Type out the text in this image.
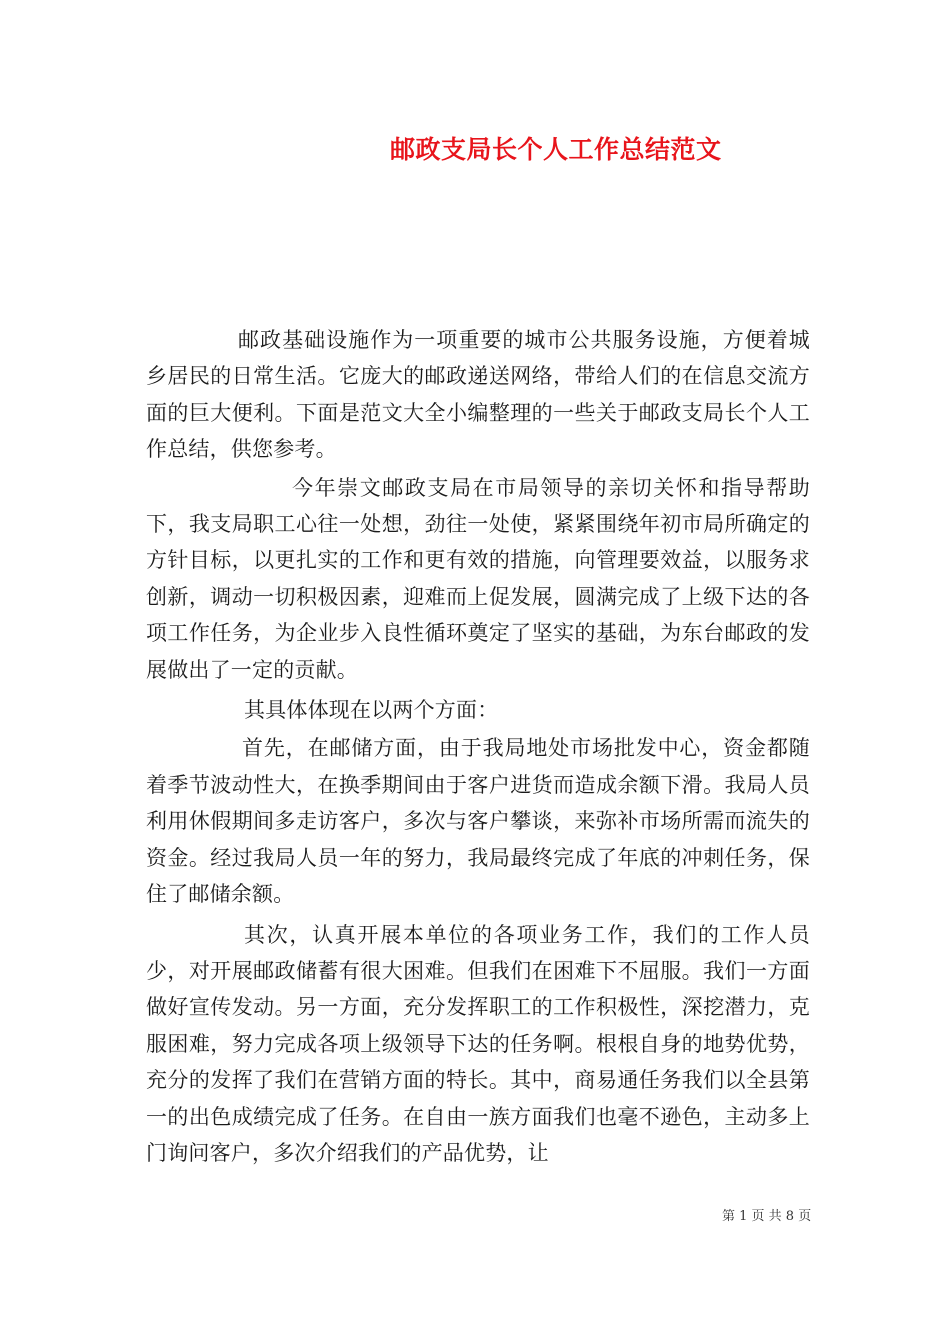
邮政支局长个人工作总结范文

邮政基础设施作为一项重要的城市公共服务设施，方便着城乡居民的日常生活。它庞大的邮政递送网络，带给人们的在信息交流方面的巨大便利。下面是范文大全小编整理的一些关于邮政支局长个人工作总结，供您参考。

今年崇文邮政支局在市局领导的亲切关怀和指导帮助下，我支局职工心往一处想，劲往一处使，紧紧围绕年初市局所确定的方针目标，以更扎实的工作和更有效的措施，向管理要效益，以服务求创新，调动一切积极因素，迎难而上促发展，圆满完成了上级下达的各项工作任务，为企业步入良性循环奠定了坚实的基础，为东台邮政的发展做出了一定的贡献。

其具体体现在以两个方面：

首先，在邮储方面，由于我局地处市场批发中心，资金都随着季节波动性大，在换季期间由于客户进货而造成余额下滑。我局人员利用休假期间多走访客户，多次与客户攀谈，来弥补市场所需而流失的资金。经过我局人员一年的努力，我局最终完成了年底的冲刺任务，保住了邮储余额。

其次，认真开展本单位的各项业务工作，我们的工作人员少，对开展邮政储蓄有很大困难。但我们在困难下不屈服。我们一方面做好宣传发动。另一方面，充分发挥职工的工作积极性，深挖潜力，克服困难，努力完成各项上级领导下达的任务啊。根根自身的地势优势，充分的发挥了我们在营销方面的特长。其中，商易通任务我们以全县第一的出色成绩完成了任务。在自由一族方面我们也毫不逊色，主动多上门询问客户，多次介绍我们的产品优势，让

第 1 页 共 8 页
